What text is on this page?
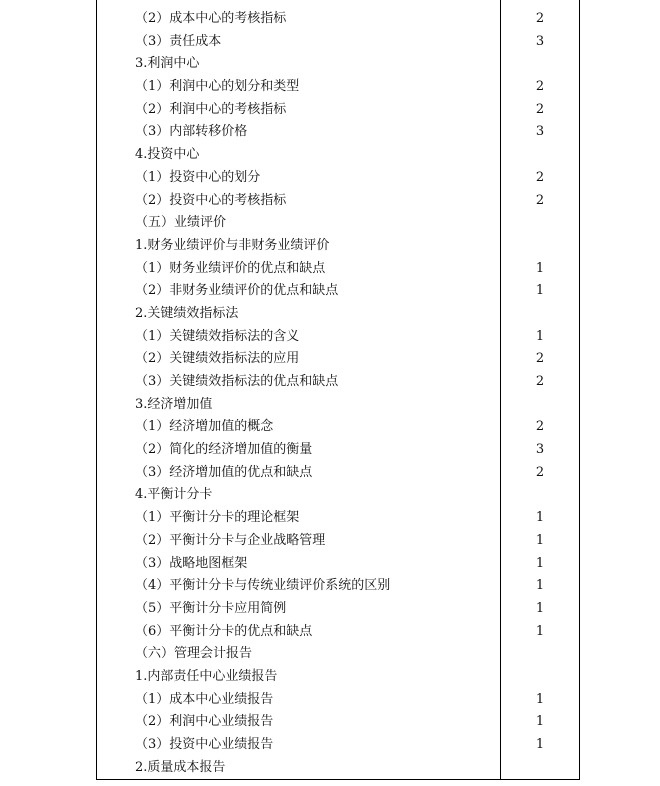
（2）成本中心的考核指标	2
（3）责任成本	3
3.利润中心
（1）利润中心的划分和类型	2
（2）利润中心的考核指标	2
（3）内部转移价格	3
4.投资中心
（1）投资中心的划分	2
（2）投资中心的考核指标	2
（五）业绩评价
1.财务业绩评价与非财务业绩评价
（1）财务业绩评价的优点和缺点	1
（2）非财务业绩评价的优点和缺点	1
2.关键绩效指标法
（1）关键绩效指标法的含义	1
（2）关键绩效指标法的应用	2
（3）关键绩效指标法的优点和缺点	2
3.经济增加值
（1）经济增加值的概念	2
（2）简化的经济增加值的衡量	3
（3）经济增加值的优点和缺点	2
4.平衡计分卡
（1）平衡计分卡的理论框架	1
（2）平衡计分卡与企业战略管理	1
（3）战略地图框架	1
（4）平衡计分卡与传统业绩评价系统的区别	1
（5）平衡计分卡应用简例	1
（6）平衡计分卡的优点和缺点	1
（六）管理会计报告
1.内部责任中心业绩报告
（1）成本中心业绩报告	1
（2）利润中心业绩报告	1
（3）投资中心业绩报告	1
2.质量成本报告
